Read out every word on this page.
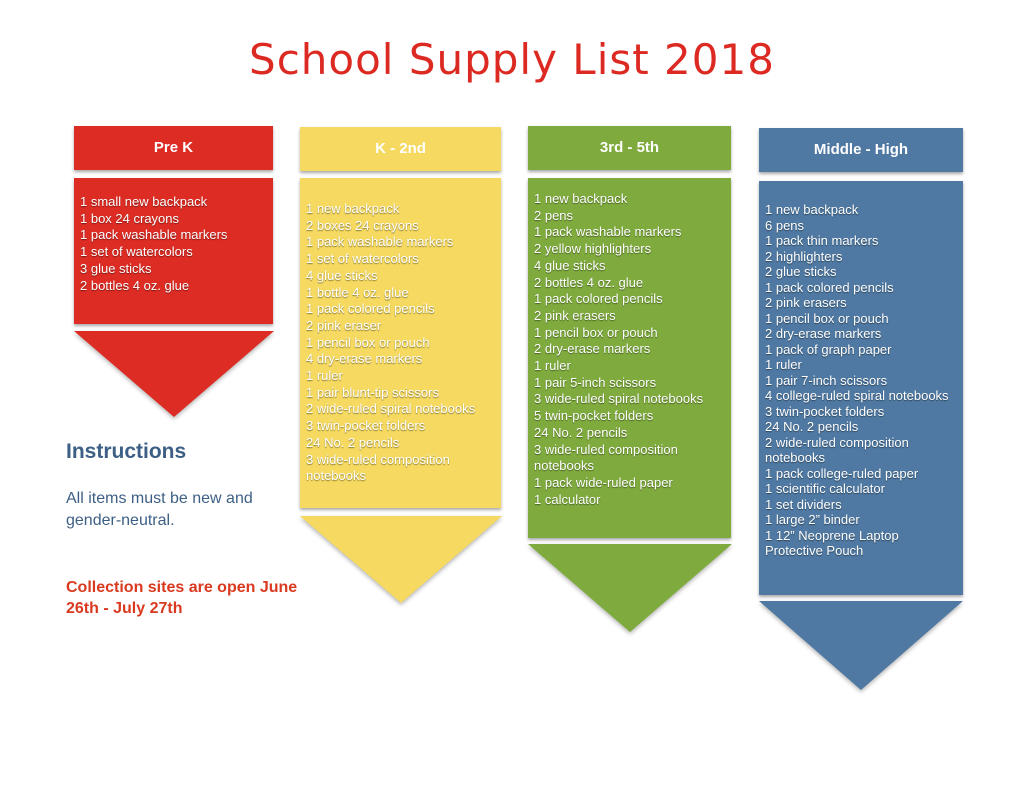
School Supply List 2018
Pre K
1 small new backpack
1 box 24 crayons
1 pack washable markers
1 set of watercolors
3 glue sticks
2 bottles 4 oz. glue
K - 2nd
1 new backpack
2 boxes 24 crayons
1 pack washable markers
1 set of watercolors
4 glue sticks
1 bottle 4 oz. glue
1 pack colored pencils
2 pink eraser
1 pencil box or pouch
4 dry-erase markers
1 ruler
1 pair blunt-tip scissors
2 wide-ruled spiral notebooks
3 twin-pocket folders
24 No. 2 pencils
3 wide-ruled composition notebooks
3rd - 5th
1 new backpack
2 pens
1 pack washable markers
2 yellow highlighters
4 glue sticks
2 bottles 4 oz. glue
1 pack colored pencils
2 pink erasers
1 pencil box or pouch
2 dry-erase markers
1 ruler
1 pair 5-inch scissors
3 wide-ruled spiral notebooks
5 twin-pocket folders
24 No. 2 pencils
3 wide-ruled composition notebooks
1 pack wide-ruled paper
1 calculator
Middle - High
1 new backpack
6 pens
1 pack thin markers
2 highlighters
2 glue sticks
1 pack colored pencils
2 pink erasers
1 pencil box or pouch
2 dry-erase markers
1 pack of graph paper
1 ruler
1 pair 7-inch scissors
4 college-ruled spiral notebooks
3 twin-pocket folders
24 No. 2 pencils
2 wide-ruled composition notebooks
1 pack college-ruled paper
1 scientific calculator
1 set dividers
1 large 2” binder
1 12” Neoprene Laptop Protective Pouch
Instructions

All items must be new and gender-neutral.

Collection sites are open June 26th - July 27th
